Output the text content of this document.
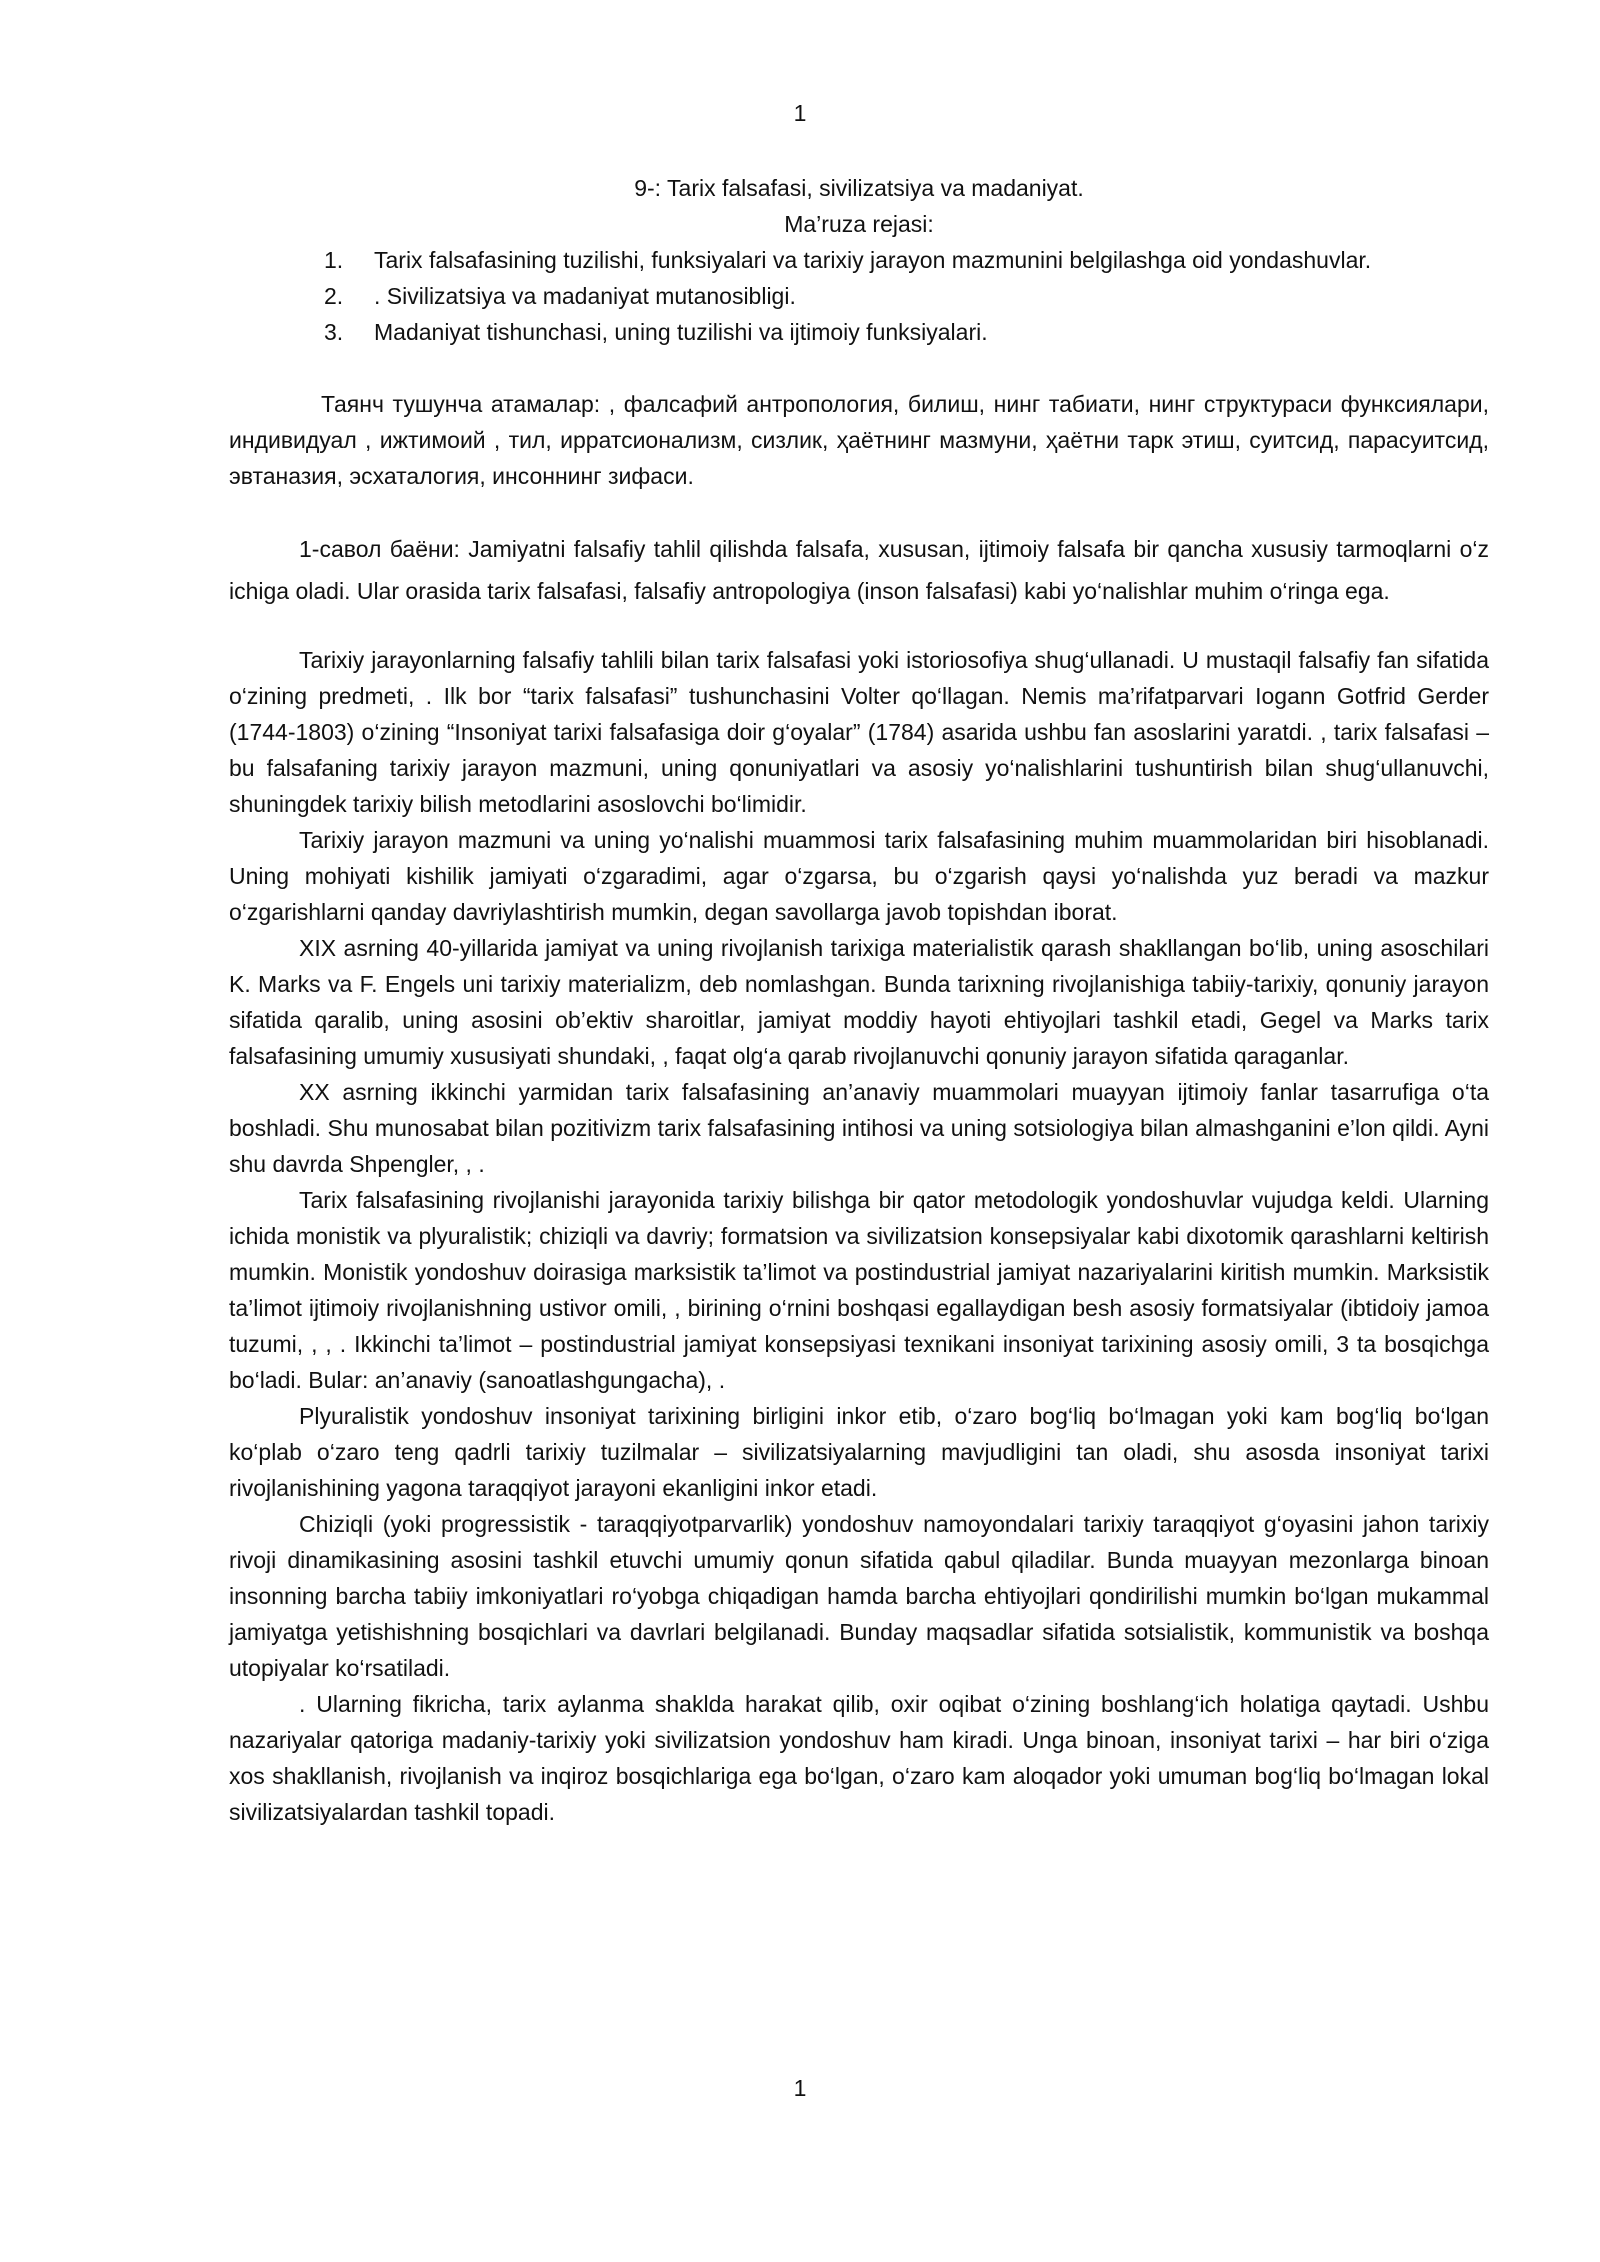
1

9-: Tarix falsafasi, sivilizatsiya va madaniyat.

Ma’ruza rejasi:

1. Tarix falsafasining tuzilishi, funksiyalari va tarixiy jarayon mazmunini belgilashga oid yondashuvlar.
2. . Sivilizatsiya va madaniyat mutanosibligi.
3. Madaniyat tishunchasi, uning tuzilishi va ijtimoiy funksiyalari.

Таянч тушунча атамалар: , фалсафий антропология, билиш, нинг табиати, нинг структураси функсиялари, индивидуал , ижтимоий , тил, ирратсионализм, сизлик, ҳаётнинг мазмуни, ҳаётни тарк этиш, суитсид, парасуитсид, эвтаназия, эсхаталогия, инсоннинг зифаси.

1-савол баёни: Jamiyatni falsafiy tahlil qilishda falsafa, xususan, ijtimoiy falsafa bir qancha xususiy tarmoqlarni o‘z ichiga oladi. Ular orasida tarix falsafasi, falsafiy antropologiya (inson falsafasi) kabi yo‘nalishlar muhim o‘ringa ega.

Tarixiy jarayonlarning falsafiy tahlili bilan tarix falsafasi yoki istoriosofiya shug‘ullanadi. U mustaqil falsafiy fan sifatida o‘zining predmeti, . Ilk bor “tarix falsafasi” tushunchasini Volter qo‘llagan. Nemis ma’rifatparvari Iogann Gotfrid Gerder (1744-1803) o‘zining “Insoniyat tarixi falsafasiga doir g‘oyalar” (1784) asarida ushbu fan asoslarini yaratdi. , tarix falsafasi – bu falsafaning tarixiy jarayon mazmuni, uning qonuniyatlari va asosiy yo‘nalishlarini tushuntirish bilan shug‘ullanuvchi, shuningdek tarixiy bilish metodlarini asoslovchi bo‘limidir.

Tarixiy jarayon mazmuni va uning yo‘nalishi muammosi tarix falsafasining muhim muammolaridan biri hisoblanadi. Uning mohiyati kishilik jamiyati o‘zgaradimi, agar o‘zgarsa, bu o‘zgarish qaysi yo‘nalishda yuz beradi va mazkur o‘zgarishlarni qanday davriylashtirish mumkin, degan savollarga javob topishdan iborat.

XIX asrning 40-yillarida jamiyat va uning rivojlanish tarixiga materialistik qarash shakllangan bo‘lib, uning asoschilari K. Marks va F. Engels uni tarixiy materializm, deb nomlashgan. Bunda tarixning rivojlanishiga tabiiy-tarixiy, qonuniy jarayon sifatida qaralib, uning asosini ob’ektiv sharoitlar, jamiyat moddiy hayoti ehtiyojlari tashkil etadi, Gegel va Marks tarix falsafasining umumiy xususiyati shundaki, , faqat olg‘a qarab rivojlanuvchi qonuniy jarayon sifatida qaraganlar.

XX asrning ikkinchi yarmidan tarix falsafasining an’anaviy muammolari muayyan ijtimoiy fanlar tasarrufiga o‘ta boshladi. Shu munosabat bilan pozitivizm tarix falsafasining intihosi va uning sotsiologiya bilan almashganini e’lon qildi. Ayni shu davrda Shpengler, , .

Tarix falsafasining rivojlanishi jarayonida tarixiy bilishga bir qator metodologik yondoshuvlar vujudga keldi. Ularning ichida monistik va plyuralistik; chiziqli va davriy; formatsion va sivilizatsion konsepsiyalar kabi dixotomik qarashlarni keltirish mumkin. Monistik yondoshuv doirasiga marksistik ta’limot va postindustrial jamiyat nazariyalarini kiritish mumkin. Marksistik ta’limot ijtimoiy rivojlanishning ustivor omili, , birining o‘rnini boshqasi egallaydigan besh asosiy formatsiyalar (ibtidoiy jamoa tuzumi, , , . Ikkinchi ta’limot – postindustrial jamiyat konsepsiyasi texnikani insoniyat tarixining asosiy omili, 3 ta bosqichga bo‘ladi. Bular: an’anaviy (sanoatlashgungacha), .

Plyuralistik yondoshuv insoniyat tarixining birligini inkor etib, o‘zaro bog‘liq bo‘lmagan yoki kam bog‘liq bo‘lgan ko‘plab o‘zaro teng qadrli tarixiy tuzilmalar – sivilizatsiyalarning mavjudligini tan oladi, shu asosda insoniyat tarixi rivojlanishining yagona taraqqiyot jarayoni ekanligini inkor etadi.

Chiziqli (yoki progressistik - taraqqiyotparvarlik) yondoshuv namoyondalari tarixiy taraqqiyot g‘oyasini jahon tarixiy rivoji dinamikasining asosini tashkil etuvchi umumiy qonun sifatida qabul qiladilar. Bunda muayyan mezonlarga binoan insonning barcha tabiiy imkoniyatlari ro‘yobga chiqadigan hamda barcha ehtiyojlari qondirilishi mumkin bo‘lgan mukammal jamiyatga yetishishning bosqichlari va davrlari belgilanadi. Bunday maqsadlar sifatida sotsialistik, kommunistik va boshqa utopiyalar ko‘rsatiladi.

. Ularning fikricha, tarix aylanma shaklda harakat qilib, oxir oqibat o‘zining boshlang‘ich holatiga qaytadi. Ushbu nazariyalar qatoriga madaniy-tarixiy yoki sivilizatsion yondoshuv ham kiradi. Unga binoan, insoniyat tarixi – har biri o‘ziga xos shakllanish, rivojlanish va inqiroz bosqichlariga ega bo‘lgan, o‘zaro kam aloqador yoki umuman bog‘liq bo‘lmagan lokal sivilizatsiyalardan tashkil topadi.

1
